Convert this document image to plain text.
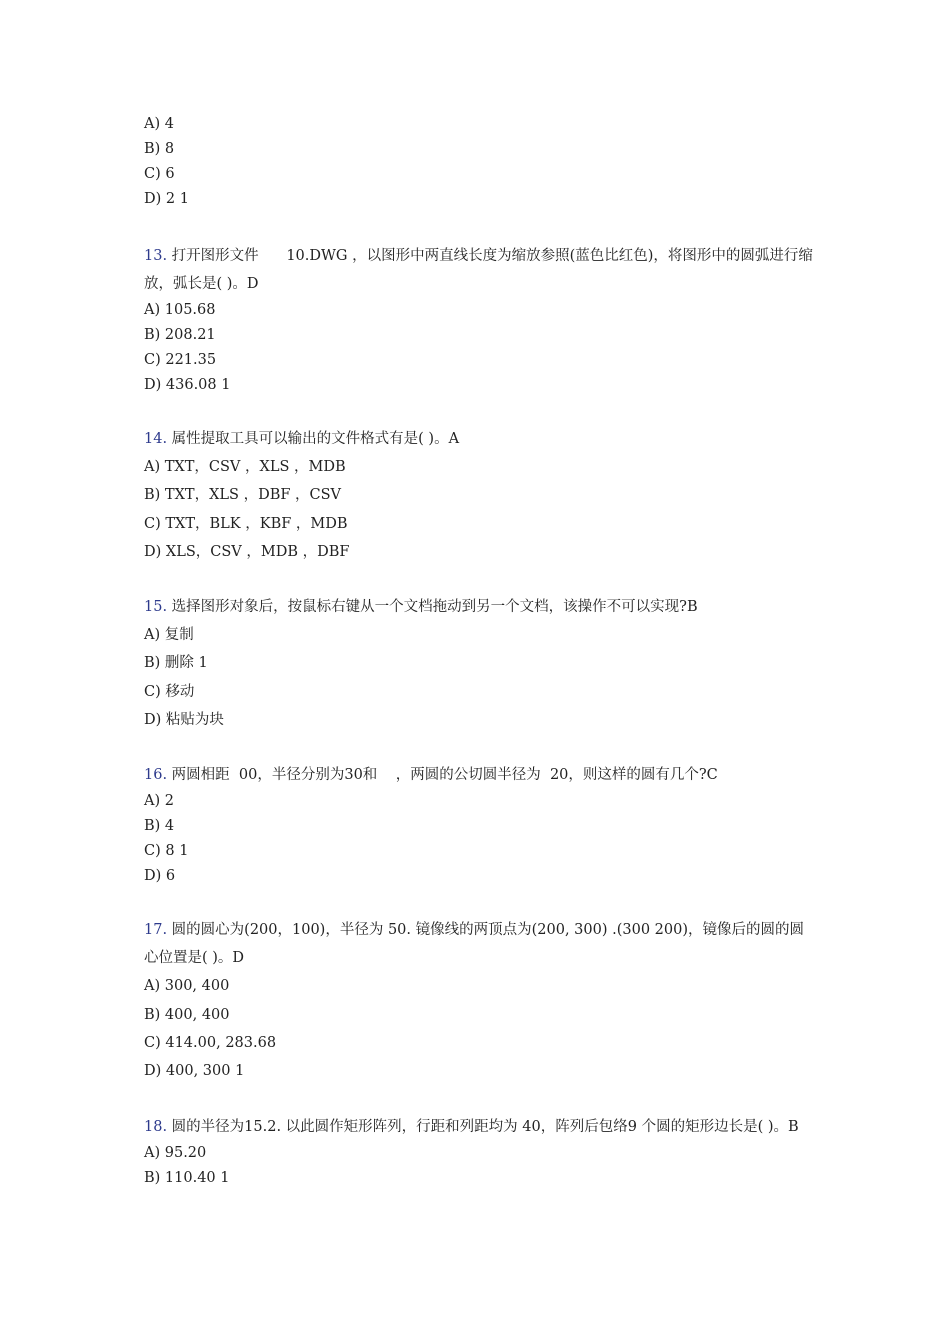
A) 4
B) 8
C) 6
D) 2 1
13. 打开图形文件      10.DWG ，以图形中两直线长度为缩放参照(蓝色比红色)，将图形中的圆弧进行缩放，弧长是( )。D
A) 105.68
B) 208.21
C) 221.35
D) 436.08 1
14. 属性提取工具可以输出的文件格式有是( )。A
A) TXT，CSV ，XLS ，MDB
B) TXT，XLS ，DBF ，CSV
C) TXT，BLK ，KBF ，MDB
D) XLS，CSV ，MDB ，DBF
15. 选择图形对象后，按鼠标右键从一个文档拖动到另一个文档，该操作不可以实现?B
A) 复制
B) 删除 1
C) 移动
D) 粘贴为块
16. 两圆相距  00，半径分别为30和    ，两圆的公切圆半径为  20，则这样的圆有几个?C
A) 2
B) 4
C) 8 1
D) 6
17. 圆的圆心为(200，100)，半径为 50. 镜像线的两顶点为(200, 300) .(300 200)，镜像后的圆的圆心位置是( )。D
A) 300, 400
B) 400, 400
C) 414.00, 283.68
D) 400, 300 1
18. 圆的半径为15.2. 以此圆作矩形阵列，行距和列距均为 40，阵列后包络9 个圆的矩形边长是( )。B
A) 95.20
B) 110.40 1
